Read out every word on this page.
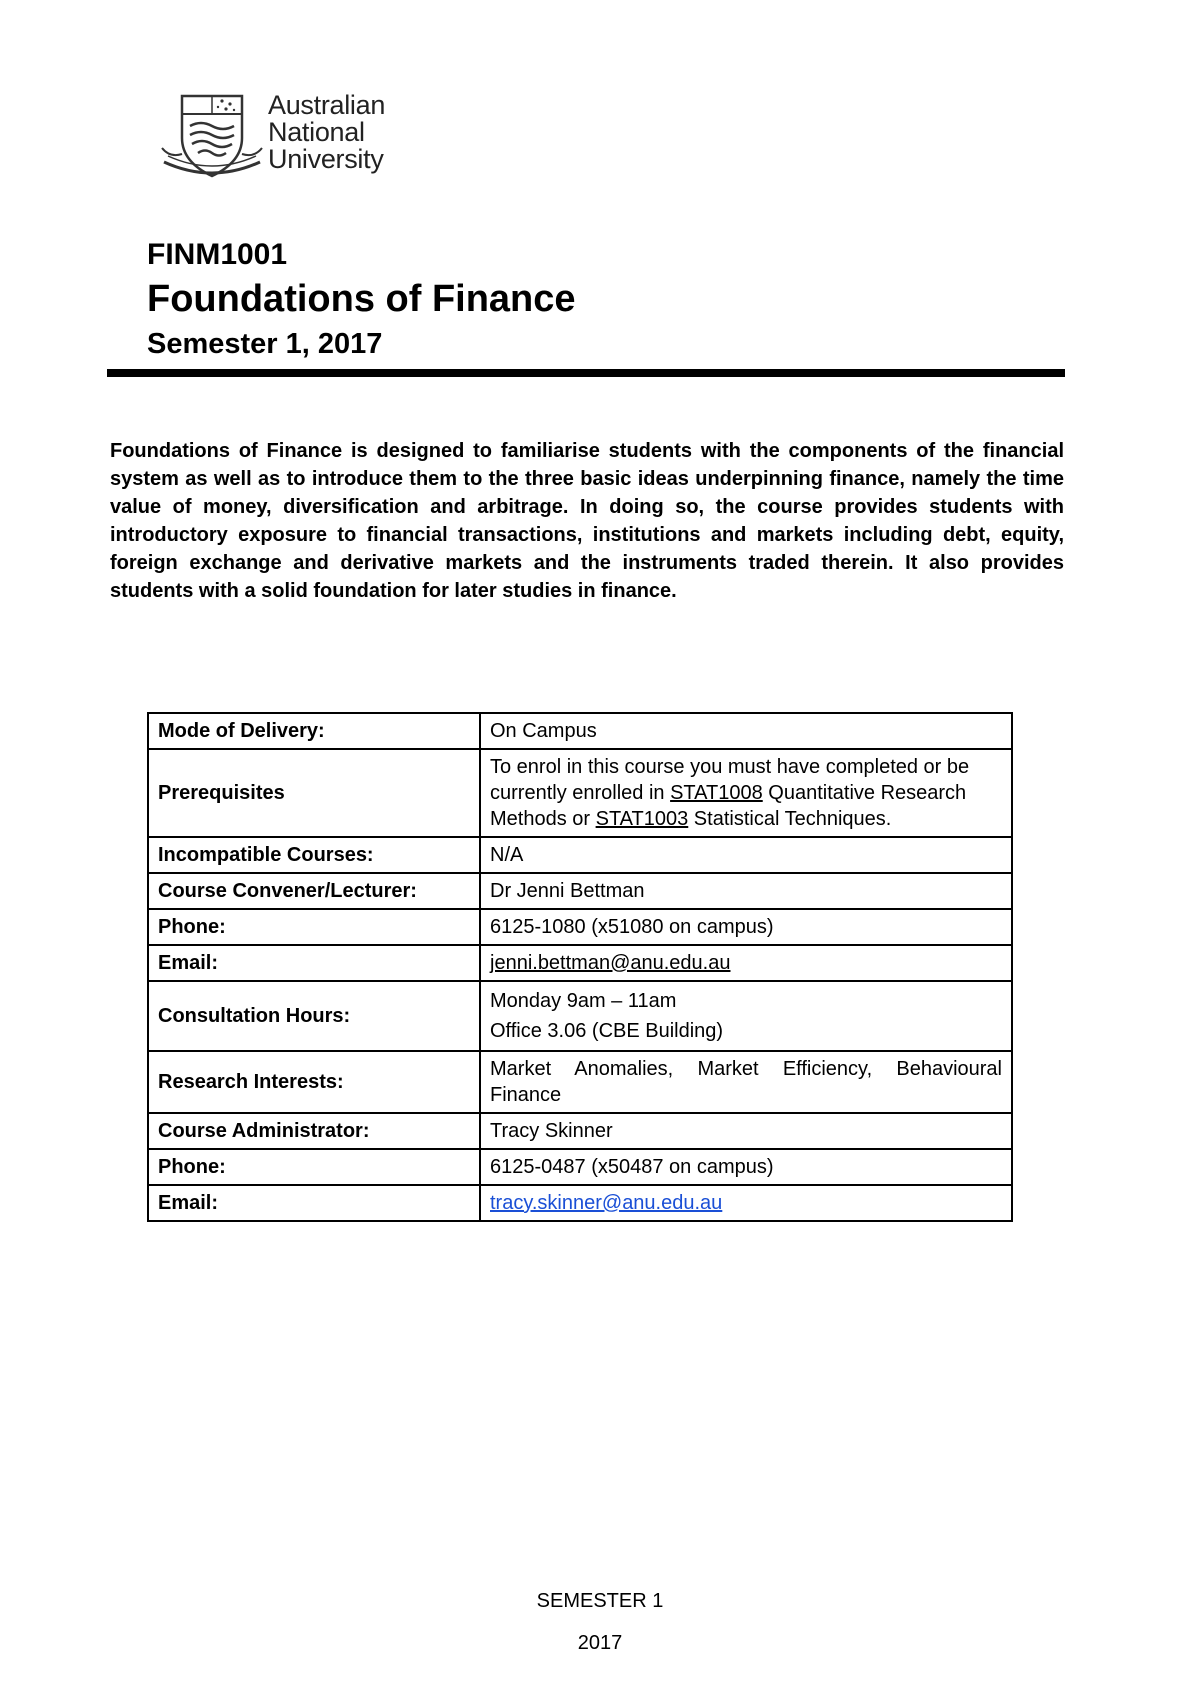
Australian
National
University
FINM1001
Foundations of Finance
Semester 1, 2017
Foundations of Finance is designed to familiarise students with the components of the financial system as well as to introduce them to the three basic ideas underpinning finance, namely the time value of money, diversification and arbitrage. In doing so, the course provides students with introductory exposure to financial transactions, institutions and markets including debt, equity, foreign exchange and derivative markets and the instruments traded therein. It also provides students with a solid foundation for later studies in finance.
Mode of Delivery:	On Campus
Prerequisites	To enrol in this course you must have completed or be currently enrolled in STAT1008 Quantitative Research Methods or STAT1003 Statistical Techniques.
Incompatible Courses:	N/A
Course Convener/Lecturer:	Dr Jenni Bettman
Phone:	6125-1080 (x51080 on campus)
Email:	jenni.bettman@anu.edu.au
Consultation Hours:	Monday 9am – 11am
Office 3.06 (CBE Building)

Research Interests:	Market Anomalies, Market Efficiency, Behavioural Finance
Course Administrator:	Tracy Skinner
Phone:	6125-0487 (x50487 on campus)
Email:	tracy.skinner@anu.edu.au
SEMESTER 1
2017
